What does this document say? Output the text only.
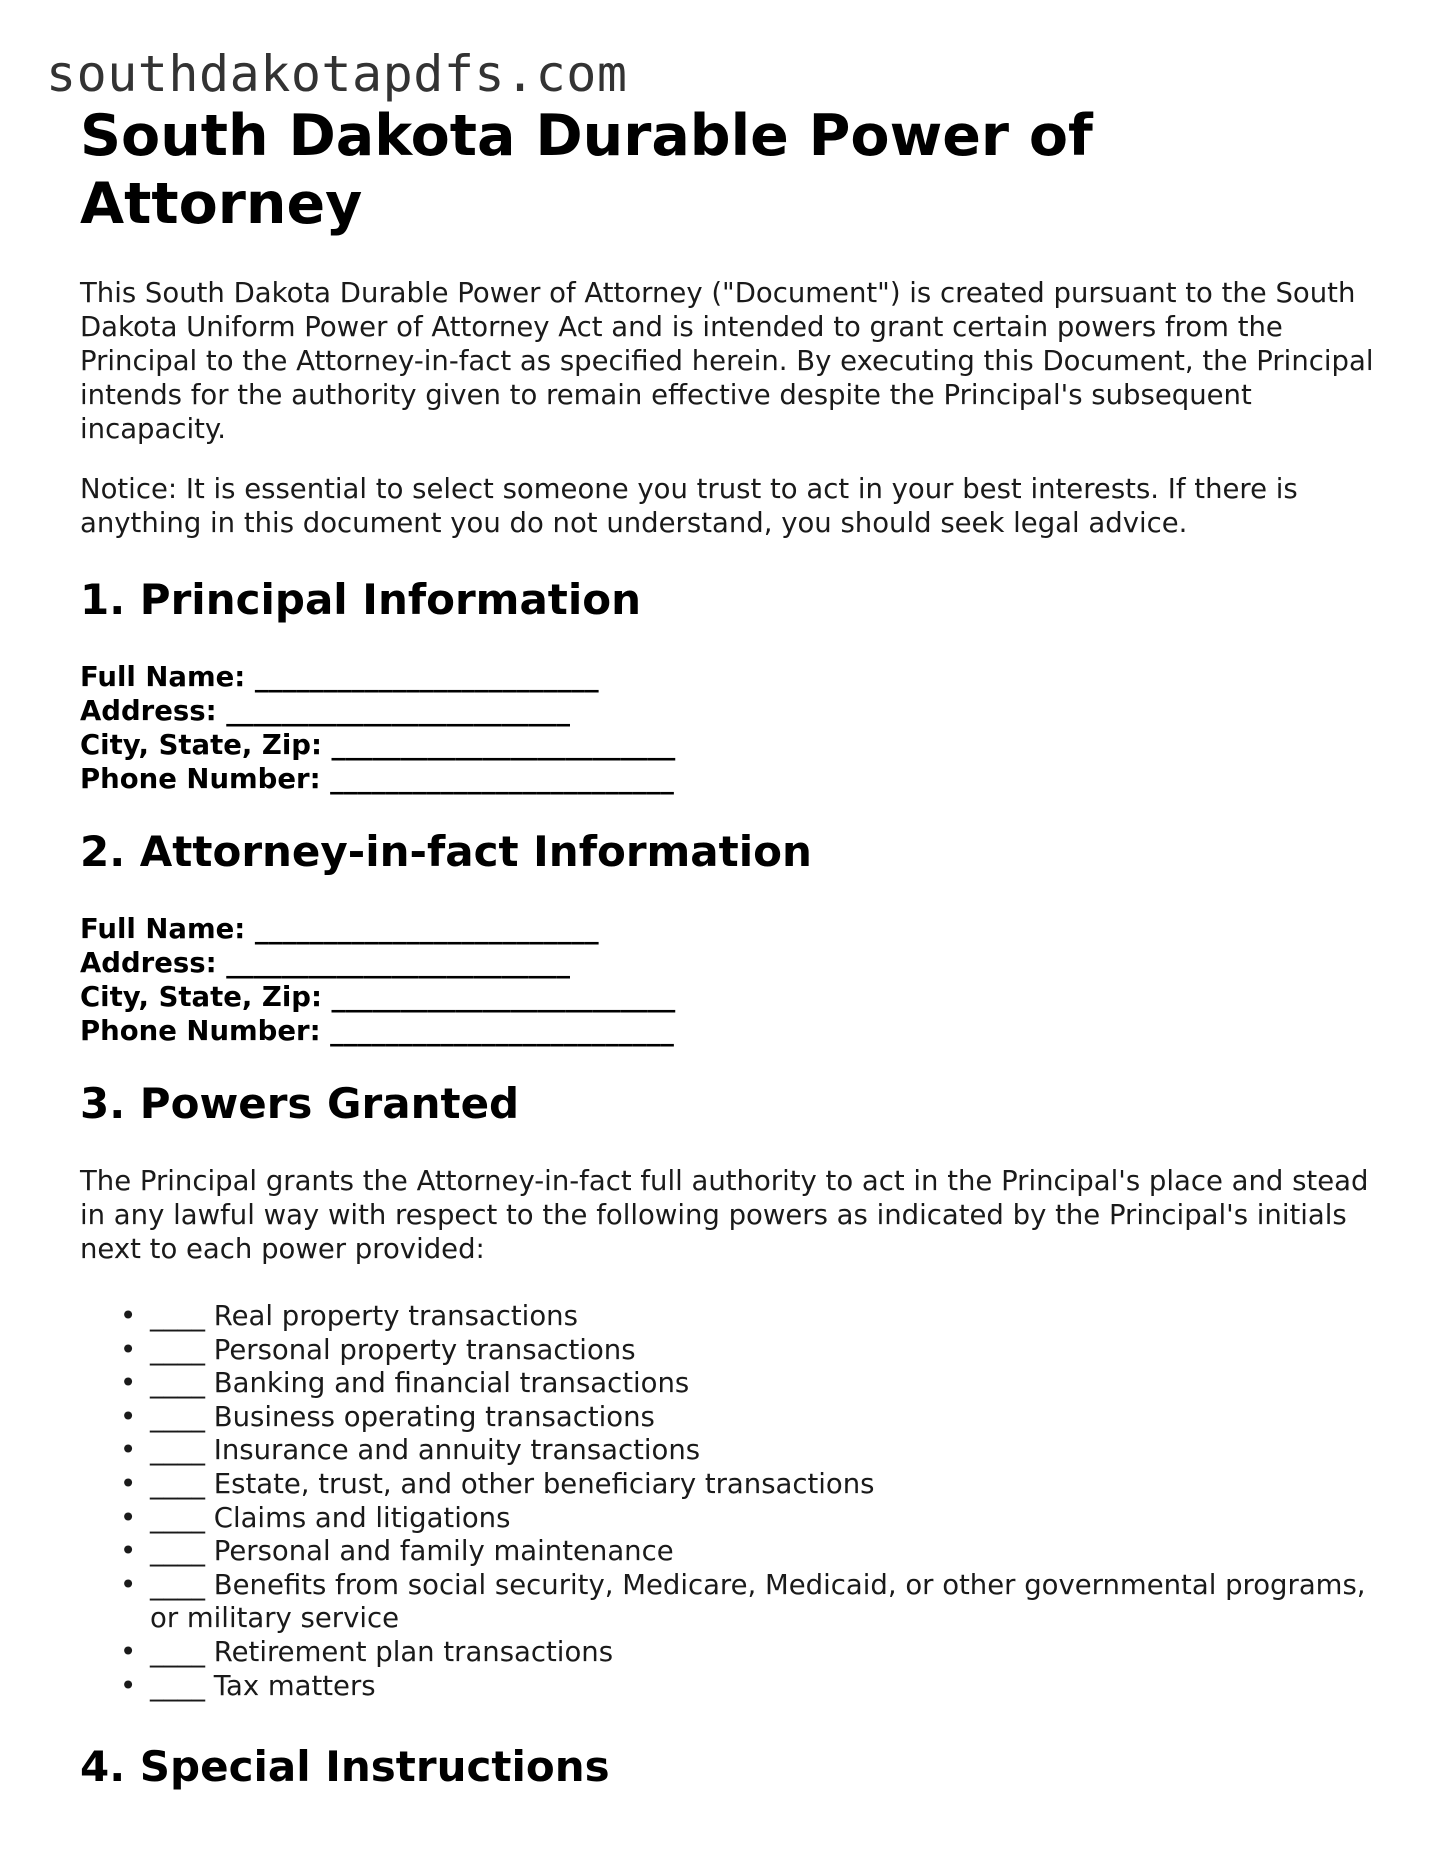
southdakotapdfs.com
South Dakota Durable Power of Attorney

This South Dakota Durable Power of Attorney ("Document") is created pursuant to the South Dakota Uniform Power of Attorney Act and is intended to grant certain powers from the Principal to the Attorney-in-fact as specified herein. By executing this Document, the Principal intends for the authority given to remain effective despite the Principal's subsequent incapacity.

Notice: It is essential to select someone you trust to act in your best interests. If there is anything in this document you do not understand, you should seek legal advice.

1. Principal Information
Full Name: _________________________
Address: _________________________
City, State, Zip: _________________________
Phone Number: _________________________
2. Attorney-in-fact Information
Full Name: _________________________
Address: _________________________
City, State, Zip: _________________________
Phone Number: _________________________
3. Powers Granted

The Principal grants the Attorney-in-fact full authority to act in the Principal's place and stead in any lawful way with respect to the following powers as indicated by the Principal's initials next to each power provided:

• ____ Real property transactions
• ____ Personal property transactions
• ____ Banking and financial transactions
• ____ Business operating transactions
• ____ Insurance and annuity transactions
• ____ Estate, trust, and other beneficiary transactions
• ____ Claims and litigations
• ____ Personal and family maintenance
• ____ Benefits from social security, Medicare, Medicaid, or other governmental programs, or military service
• ____ Retirement plan transactions
• ____ Tax matters
4. Special Instructions
